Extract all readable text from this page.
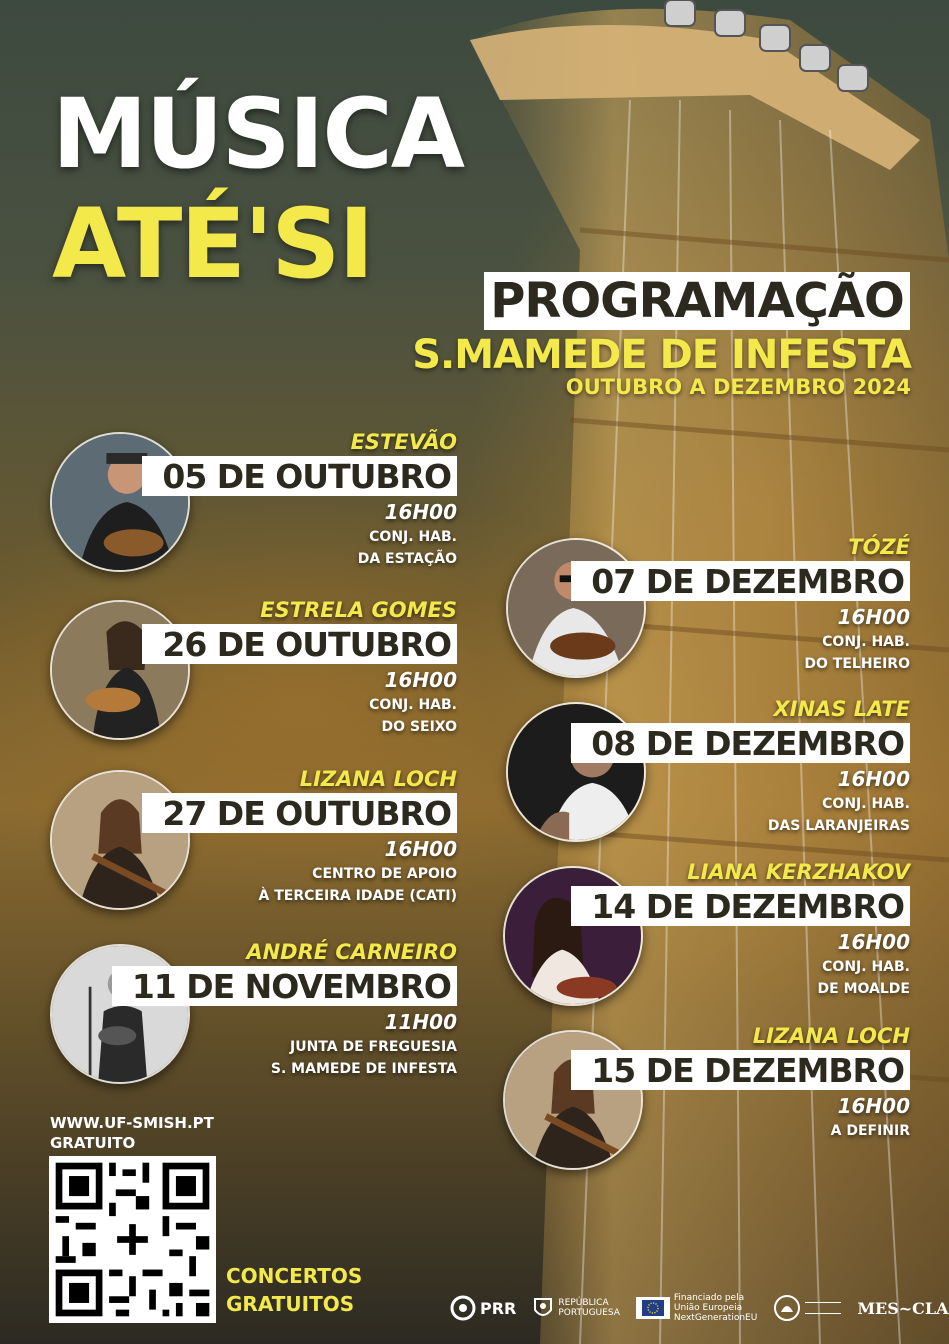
MÚSICA
ATÉ'SI
PROGRAMAÇÃO
S.MAMEDE DE INFESTA
OUTUBRO A DEZEMBRO 2024
ESTEVÃO
05 DE OUTUBRO
16H00
CONJ. HAB.
DA ESTAÇÃO
ESTRELA GOMES
26 DE OUTUBRO
16H00
CONJ. HAB.
DO SEIXO
LIZANA LOCH
27 DE OUTUBRO
16H00
CENTRO DE APOIO
À TERCEIRA IDADE (CATI)
ANDRÉ CARNEIRO
11 DE NOVEMBRO
11H00
JUNTA DE FREGUESIA
S. MAMEDE DE INFESTA
TÓZÉ
07 DE DEZEMBRO
16H00
CONJ. HAB.
DO TELHEIRO
XINAS LATE
08 DE DEZEMBRO
16H00
CONJ. HAB.
DAS LARANJEIRAS
LIANA KERZHAKOV
14 DE DEZEMBRO
16H00
CONJ. HAB.
DE MOALDE
LIZANA LOCH
15 DE DEZEMBRO
16H00
A DEFINIR
WWW.UF-SMISH.PT
GRATUITO
CONCERTOS
GRATUITOS	PRR	REPÚBLICA
PORTUGUESA
Financiado pela
União Europeia
NextGenerationEU
MES~CLA
